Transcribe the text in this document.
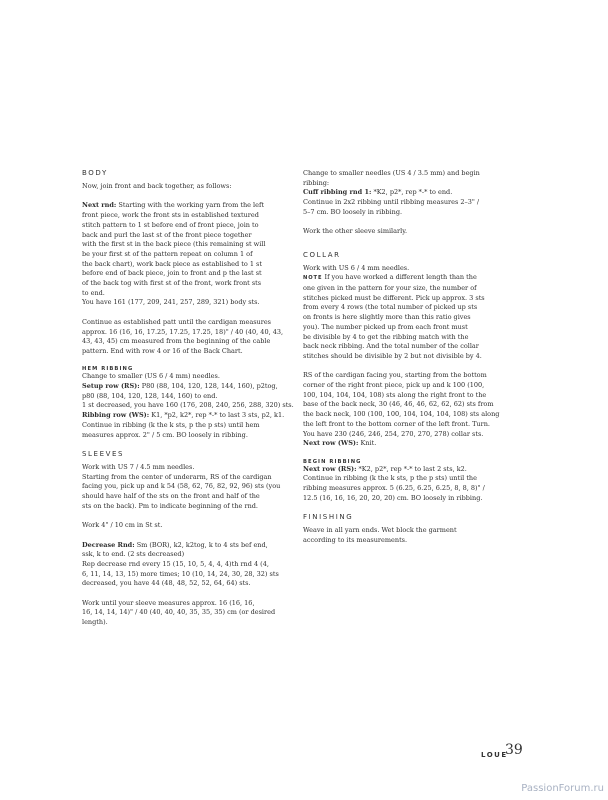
BODY

Now, join front and back together, as follows:

Next rnd: Starting with the working yarn from the left
front piece, work the front sts in established textured
stitch pattern to 1 st before end of front piece, join to
back and purl the last st of the front piece together
with the first st in the back piece (this remaining st will
be your first st of the pattern repeat on column 1 of
the back chart), work back piece as established to 1 st
before end of back piece, join to front and p the last st
of the back tog with first st of the front, work front sts
to end.
You have 161 (177, 209, 241, 257, 289, 321) body sts.

Continue as established patt until the cardigan measures
approx. 16 (16, 16, 17.25, 17.25, 17.25, 18)" / 40 (40, 40, 43,
43, 43, 45) cm measured from the beginning of the cable
pattern. End with row 4 or 16 of the Back Chart.

HEM RIBBING

Change to smaller (US 6 / 4 mm) needles.
Setup row (RS): P80 (88, 104, 120, 128, 144, 160), p2tog,
p80 (88, 104, 120, 128, 144, 160) to end.
1 st decreased, you have 160 (176, 208, 240, 256, 288, 320) sts.
Ribbing row (WS): K1, *p2, k2*, rep *-* to last 3 sts, p2, k1.
Continue in ribbing (k the k sts, p the p sts) until hem
measures approx. 2" / 5 cm. BO loosely in ribbing.

SLEEVES

Work with US 7 / 4.5 mm needles.
Starting from the center of underarm, RS of the cardigan
facing you, pick up and k 54 (58, 62, 76, 82, 92, 96) sts (you
should have half of the sts on the front and half of the
sts on the back). Pm to indicate beginning of the rnd.

Work 4" / 10 cm in St st.

Decrease Rnd: Sm (BOR), k2, k2tog, k to 4 sts bef end,
ssk, k to end. (2 sts decreased)
Rep decrease rnd every 15 (15, 10, 5, 4, 4, 4)th rnd 4 (4,
6, 11, 14, 13, 15) more times; 10 (10, 14, 24, 30, 28, 32) sts
decreased, you have 44 (48, 48, 52, 52, 64, 64) sts.

Work until your sleeve measures approx. 16 (16, 16,
16, 14, 14, 14)" / 40 (40, 40, 40, 35, 35, 35) cm (or desired
length).

Change to smaller needles (US 4 / 3.5 mm) and begin
ribbing:
Cuff ribbing rnd 1: *K2, p2*, rep *-* to end.
Continue in 2x2 ribbing until ribbing measures 2–3" /
5–7 cm. BO loosely in ribbing.

Work the other sleeve similarly.

COLLAR

Work with US 6 / 4 mm needles.
NOTE If you have worked a different length than the
one given in the pattern for your size, the number of
stitches picked must be different. Pick up approx. 3 sts
from every 4 rows (the total number of picked up sts
on fronts is here slightly more than this ratio gives
you). The number picked up from each front must
be divisible by 4 to get the ribbing match with the
back neck ribbing. And the total number of the collar
stitches should be divisible by 2 but not divisible by 4.

RS of the cardigan facing you, starting from the bottom
corner of the right front piece, pick up and k 100 (100,
100, 104, 104, 104, 108) sts along the right front to the
base of the back neck, 30 (46, 46, 46, 62, 62, 62) sts from
the back neck, 100 (100, 100, 104, 104, 104, 108) sts along
the left front to the bottom corner of the left front. Turn.
You have 230 (246, 246, 254, 270, 270, 278) collar sts.
Next row (WS): Knit.

BEGIN RIBBING

Next row (RS): *K2, p2*, rep *-* to last 2 sts, k2.
Continue in ribbing (k the k sts, p the p sts) until the
ribbing measures approx. 5 (6.25, 6.25, 6.25, 8, 8, 8)" /
12.5 (16, 16, 16, 20, 20, 20) cm. BO loosely in ribbing.

FINISHING

Weave in all yarn ends. Wet block the garment
according to its measurements.

LOUE
39
PassionForum.ru
